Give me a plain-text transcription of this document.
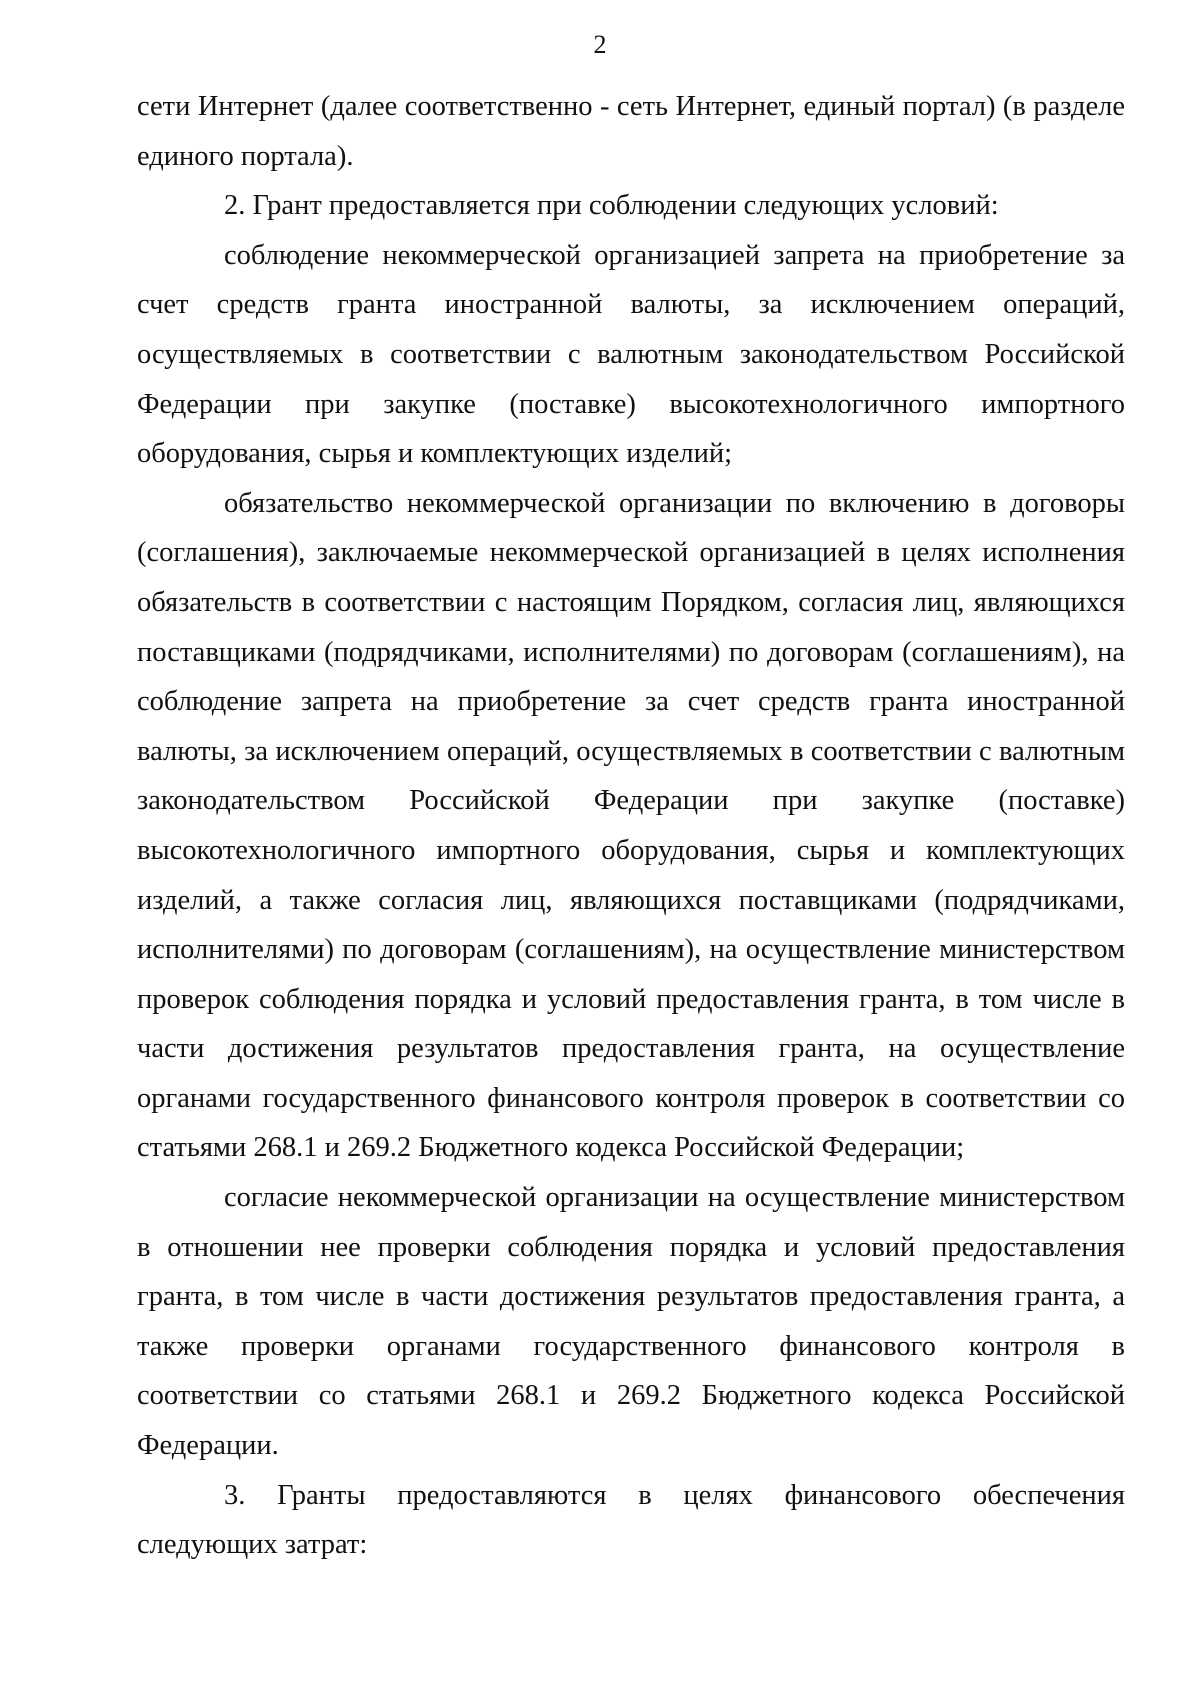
2

сети Интернет (далее соответственно - сеть Интернет, единый портал) (в разделе единого портала).

2. Грант предоставляется при соблюдении следующих условий:

соблюдение некоммерческой организацией запрета на приобретение за счет средств гранта иностранной валюты, за исключением операций, осуществляемых в соответствии с валютным законодательством Российской Федерации при закупке (поставке) высокотехнологичного импортного оборудования, сырья и комплектующих изделий;

обязательство некоммерческой организации по включению в договоры (соглашения), заключаемые некоммерческой организацией в целях исполнения обязательств в соответствии с настоящим Порядком, согласия лиц, являющихся поставщиками (подрядчиками, исполнителями) по договорам (соглашениям), на соблюдение запрета на приобретение за счет средств гранта иностранной валюты, за исключением операций, осуществляемых в соответствии с валютным законодательством Российской Федерации при закупке (поставке) высокотехнологичного импортного оборудования, сырья и комплектующих изделий, а также согласия лиц, являющихся поставщиками (подрядчиками, исполнителями) по договорам (соглашениям), на осуществление министерством проверок соблюдения порядка и условий предоставления гранта, в том числе в части достижения результатов предоставления гранта, на осуществление органами государственного финансового контроля проверок в соответствии со статьями 268.1 и 269.2 Бюджетного кодекса Российской Федерации;

согласие некоммерческой организации на осуществление министерством в отношении нее проверки соблюдения порядка и условий предоставления гранта, в том числе в части достижения результатов предоставления гранта, а также проверки органами государственного финансового контроля в соответствии со статьями 268.1 и 269.2 Бюджетного кодекса Российской Федерации.

3. Гранты предоставляются в целях финансового обеспечения следующих затрат:
